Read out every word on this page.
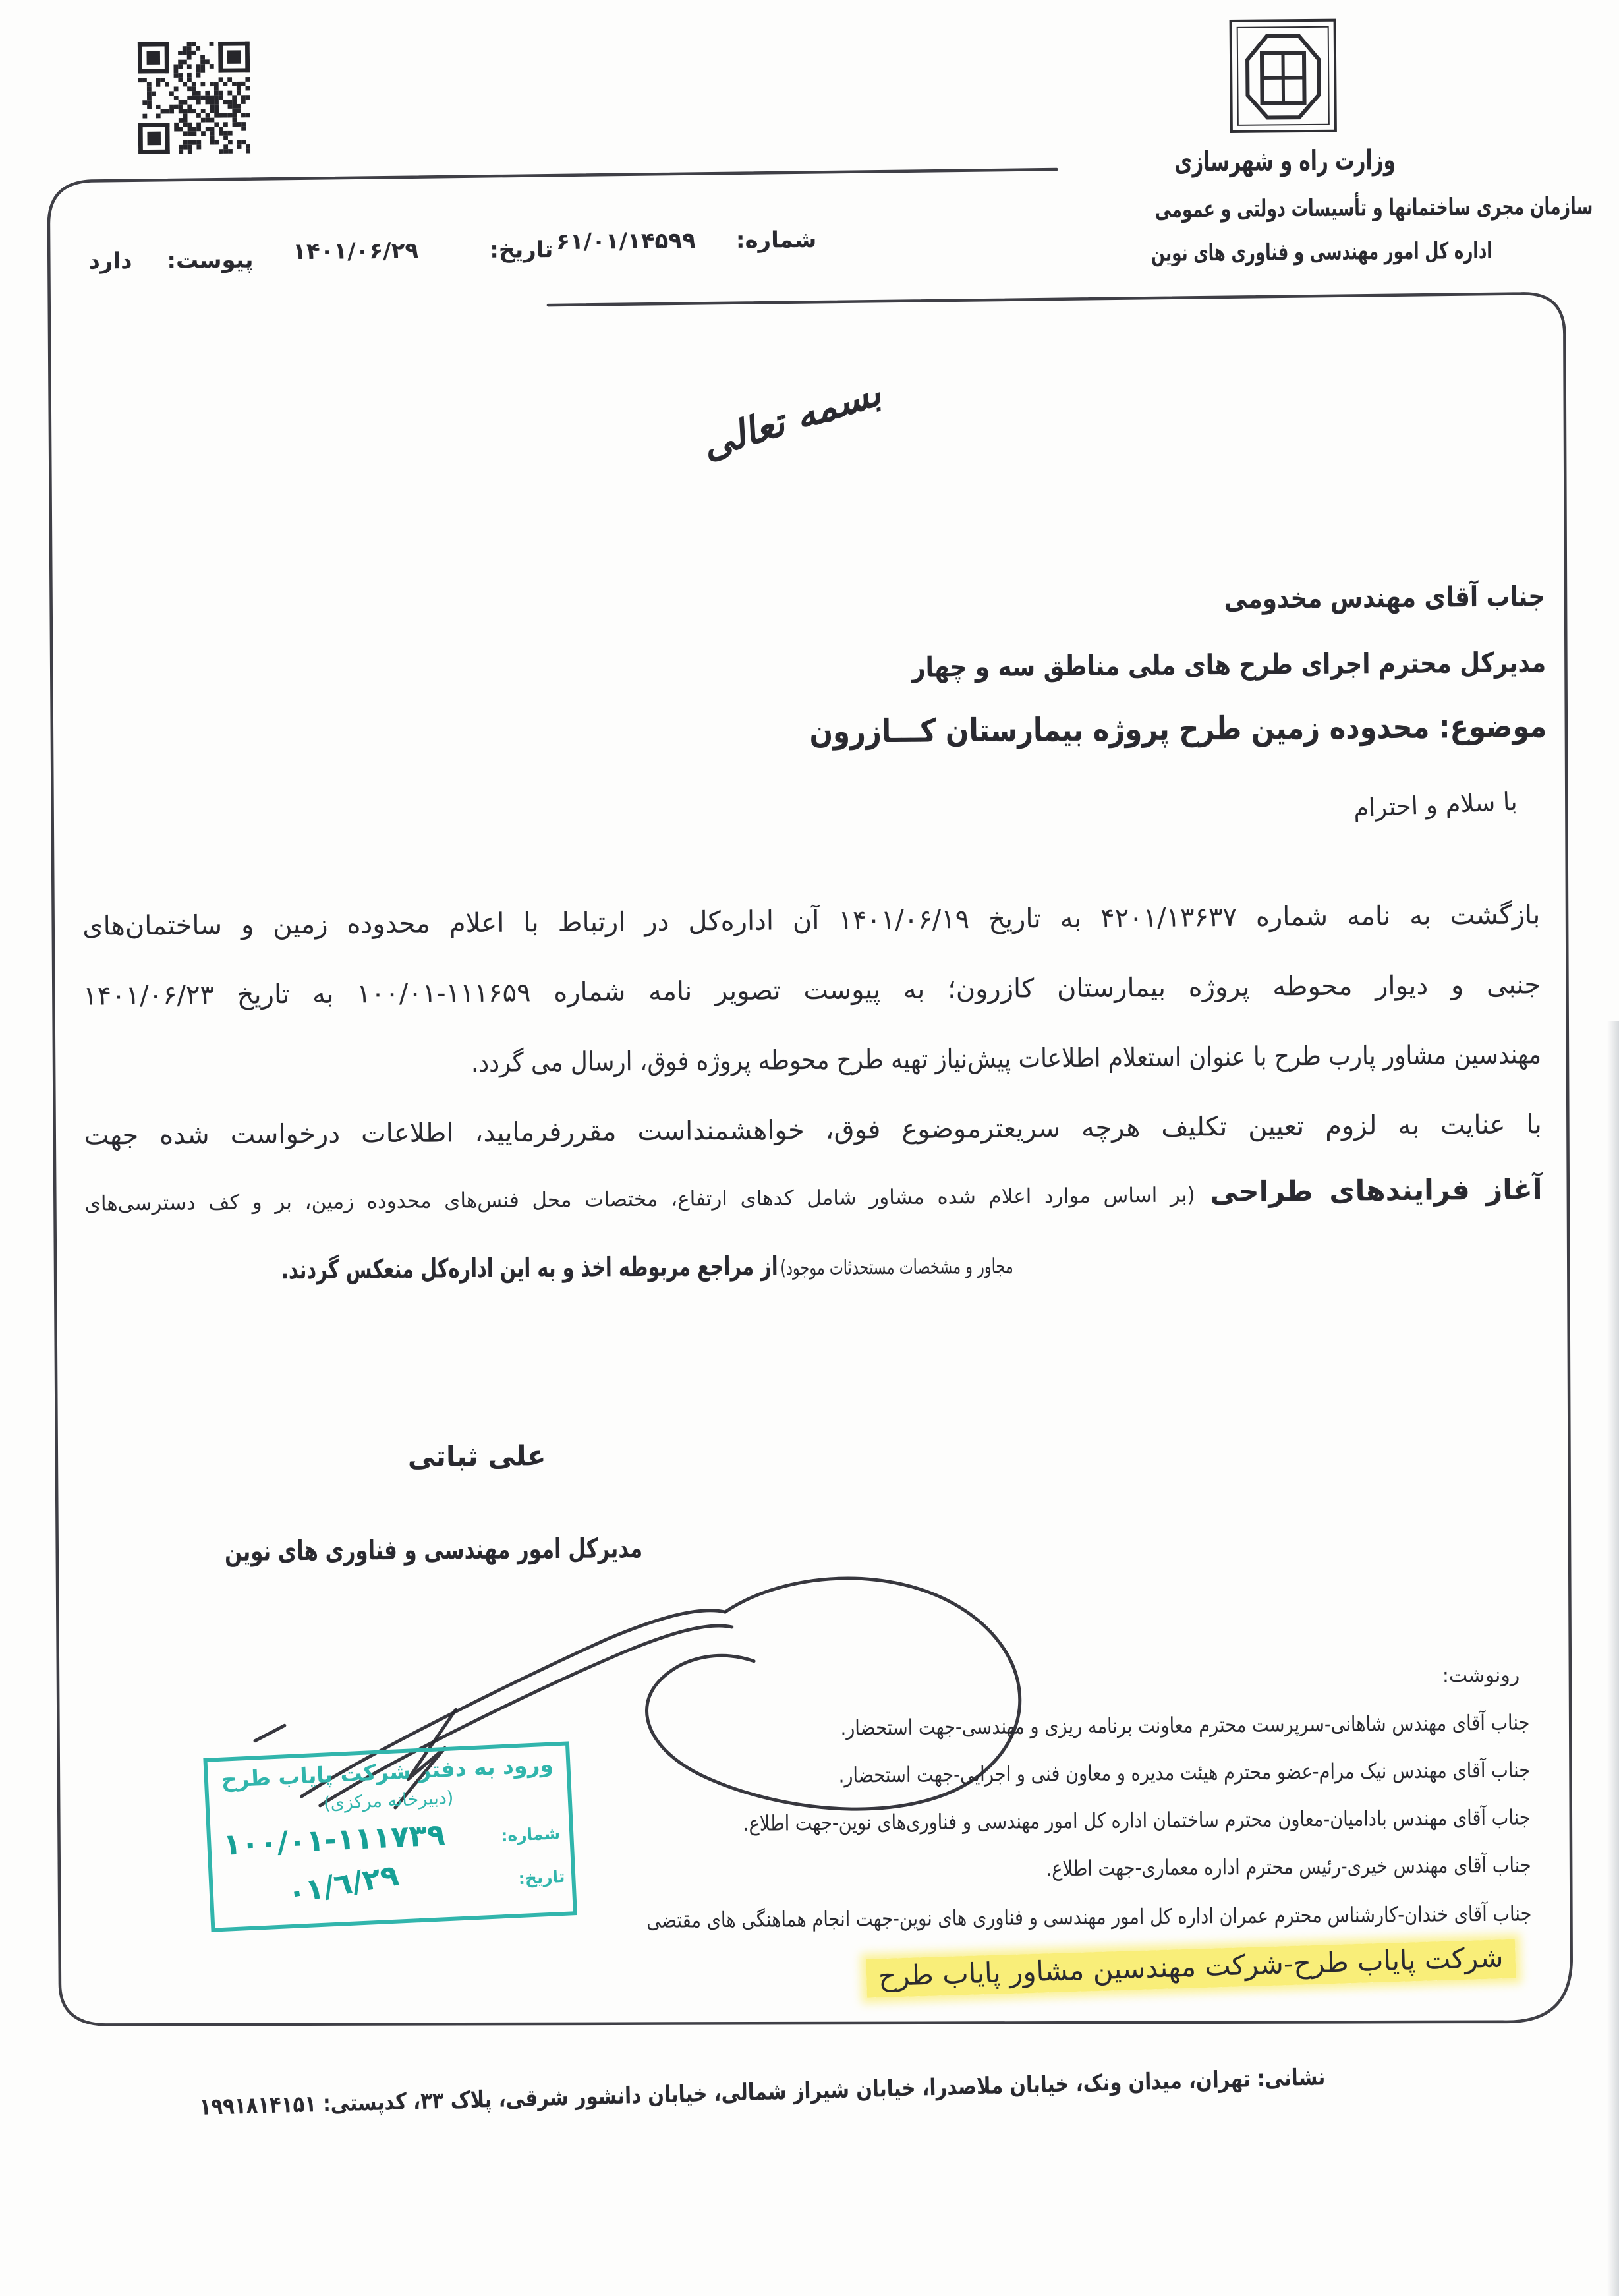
وزارت راه و شهرسازی
سازمان مجری ساختمانها و تأسیسات دولتی و عمومی
اداره کل امور مهندسی و فناوری های نوین
شماره:
۶۱/۰۱/۱۴۵۹۹
تاریخ:
۱۴۰۱/۰۶/۲۹
پیوست:
دارد
بسمه تعالی
جناب آقای مهندس مخدومی
مدیرکل محترم اجرای طرح های ملی مناطق سه و چهار
موضوع: محدوده زمین طرح پروژه بیمارستان کـــازرون
با سلام و احترام
بازگشت به نامه شماره ۴۲۰۱/۱۳۶۳۷ به تاریخ ۱۴۰۱/۰۶/۱۹ آن اداره‌کل در ارتباط با اعلام محدوده زمین و ساختمان‌های
جنبی و دیوار محوطه پروژه بیمارستان کازرون؛ به پیوست تصویر نامه شماره ⁦۱۰۰/۰۱-۱۱۱۶۵۹⁩ به تاریخ ۱۴۰۱/۰۶/۲۳
مهندسین مشاور پارب طرح با عنوان استعلام اطلاعات پیش‌نیاز تهیه طرح محوطه پروژه فوق، ارسال می گردد.
با عنایت به لزوم تعیین تکلیف هرچه سریعترموضوع فوق، خواهشمنداست مقررفرمایید، اطلاعات درخواست شده جهت
آغاز فرایندهای طراحی (بر اساس موارد اعلام شده مشاور شامل کدهای ارتفاع، مختصات محل فنس‌های محدوده زمین، بر و کف دسترسی‌های
مجاور و مشخصات مستحدثات موجود) از مراجع مربوطه اخذ و به این اداره‌کل منعکس گردند.
علی ثباتی
مدیرکل امور مهندسی و فناوری های نوین
ورود به دفتر شرکت پایاب طرح
(دبیرخانه مرکزی)
شماره:
۱۰۰/۰۱-۱۱۱۷۳۹
تاریخ:
۰۱/٦/۲۹
رونوشت:
جناب آقای مهندس شاهانی-سرپرست محترم معاونت برنامه ریزی و مهندسی-جهت استحضار.
جناب آقای مهندس نیک مرام-عضو محترم هیئت مدیره و معاون فنی و اجرایی-جهت استحضار.
جناب آقای مهندس بادامیان-معاون محترم ساختمان اداره کل امور مهندسی و فناوری‌های نوین-جهت اطلاع.
جناب آقای مهندس خیری-رئیس محترم اداره معماری-جهت اطلاع.
جناب آقای خندان-کارشناس محترم عمران اداره کل امور مهندسی و فناوری های نوین-جهت انجام هماهنگی های مقتضی
شرکت پایاب طرح-شرکت مهندسین مشاور پایاب طرح
نشانی: تهران، میدان ونک، خیابان ملاصدرا، خیابان شیراز شمالی، خیابان دانشور شرقی، پلاک ۳۳، کدپستی: ۱۹۹۱۸۱۴۱۵۱
